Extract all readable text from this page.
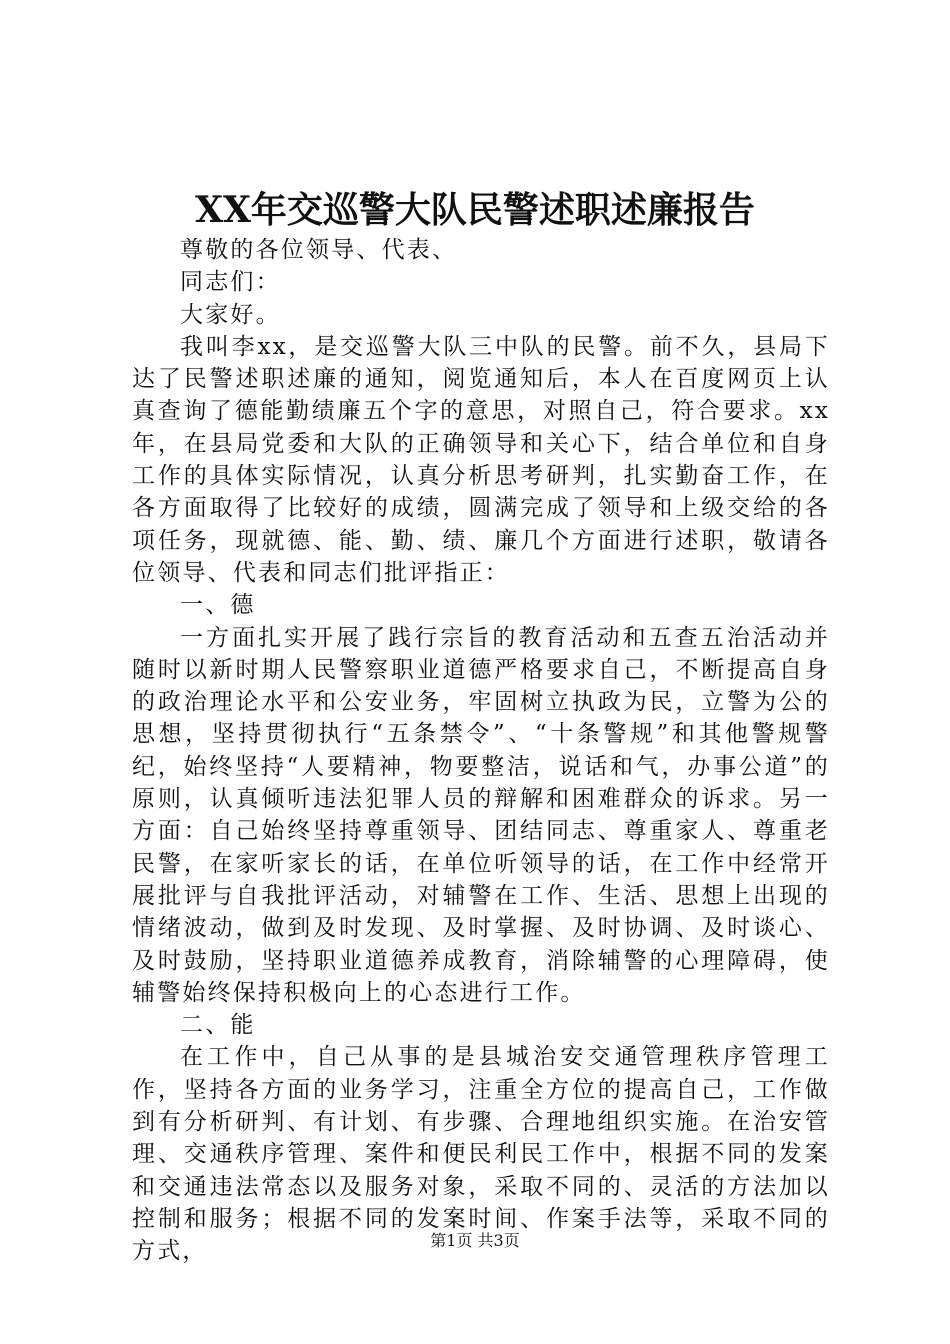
XX年交巡警大队民警述职述廉报告

尊敬的各位领导、代表、

同志们：

大家好。

我叫李xx，是交巡警大队三中队的民警。前不久，县局下达了民警述职述廉的通知，阅览通知后，本人在百度网页上认真查询了德能勤绩廉五个字的意思，对照自己，符合要求。xx年，在县局党委和大队的正确领导和关心下，结合单位和自身工作的具体实际情况，认真分析思考研判，扎实勤奋工作，在各方面取得了比较好的成绩，圆满完成了领导和上级交给的各项任务，现就德、能、勤、绩、廉几个方面进行述职，敬请各位领导、代表和同志们批评指正：

一、德

一方面扎实开展了践行宗旨的教育活动和五查五治活动并随时以新时期人民警察职业道德严格要求自己，不断提高自身的政治理论水平和公安业务，牢固树立执政为民，立警为公的思想，坚持贯彻执行“五条禁令”、“十条警规”和其他警规警纪，始终坚持“人要精神，物要整洁，说话和气，办事公道”的原则，认真倾听违法犯罪人员的辩解和困难群众的诉求。另一方面：自己始终坚持尊重领导、团结同志、尊重家人、尊重老民警，在家听家长的话，在单位听领导的话，在工作中经常开展批评与自我批评活动，对辅警在工作、生活、思想上出现的情绪波动，做到及时发现、及时掌握、及时协调、及时谈心、及时鼓励，坚持职业道德养成教育，消除辅警的心理障碍，使辅警始终保持积极向上的心态进行工作。

二、能

在工作中，自己从事的是县城治安交通管理秩序管理工作，坚持各方面的业务学习，注重全方位的提高自己，工作做到有分析研判、有计划、有步骤、合理地组织实施。在治安管理、交通秩序管理、案件和便民利民工作中，根据不同的发案和交通违法常态以及服务对象，采取不同的、灵活的方法加以控制和服务；根据不同的发案时间、作案手法等，采取不同的方式，	第1页 共3页
